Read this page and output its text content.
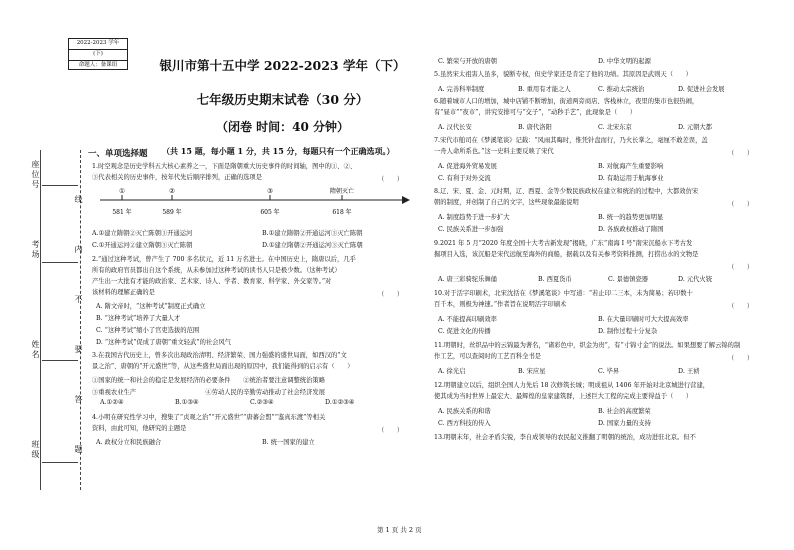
2022-2023 学年
(下)
命题人：备课组	银川市第十五中学 2022-2023 学年（下）
七年级历史期末试卷（30 分）
（闭卷 时间：40 分钟）
一、单项选择题 （共 15 题，每小题 1 分，共 15 分，每题只有一个正确选项。）
座位号
考场
姓名
班级
线
内
不
要
答
题
1.时空观念是历史学科五大核心素养之一，下面是隋朝重大历史事件的时间轴，图中的①、②、
③代表相关的历史事件，按年代先后顺序排列，正确的选项是	（　　）
①	②	③	隋朝灭亡
581 年	589 年	605 年	618 年
A.①建立隋朝②灭亡陈朝③开通运河	B.①建立隋朝②开通运河③灭亡陈朝
C.①开通运河②建立隋朝③灭亡陈朝	D.①建立隋朝②开通运河③灭亡陈朝
2.“通过这种考试，曾产生了 700 多名状元，近 11 万名进士。在中国历史上，隋唐以后，几乎
所有的政府官员都出自这个系统，从未参加过这种考试的读书人只是极少数。（这种考试）
产生出一大批有才能的政治家、艺术家、诗人、学者、教育家、科学家、外交家等。”对
该材料的理解正确的是	（　　）
A. 隋文帝时，“这种考试”制度正式确立
B. “这种考试”培养了大量人才
C. “这种考试”缩小了官吏选拔的范围
D. “这种考试”促成了唐朝“重文轻武”的社会风气
3.在我国古代历史上，曾多次出现政治清明、经济繁荣、国力强盛的盛世局面，如西汉的“文
景之治”、唐朝的“开元盛世”等，从这些盛世局面出现的原因中，我们能得到的启示有（　　）
①国家的统一和社会的稳定是发展经济的必要条件　　②统治者要注意调整统治策略
③重视农业生产　　　　　　　　　　　④劳动人民的辛勤劳动推动了社会经济发展
A.①②④	B.①③④	C.②③④	D.①②③④
4.小明在研究性学习中，搜集了“贞观之治”“开元盛世”“唐蕃会盟”“鉴真东渡”等相关
资料，由此可知，他研究的主题是	（　　）
A. 政权分立和民族融合	B. 统一国家的建立
C. 繁荣与开放的唐朝	D. 中华文明的起源
5.虽然宋太祖害人虽多，貌断专权，但史学家还是肯定了他的功绩。其原因是武则天（　　）
A. 完善科举制度	B. 重用有才能之人	C. 推动太宗统治	D. 促进社会发展
6.随着城市人口的增加，城中店铺不断增加，街道两旁商店、客栈林立，夜里的集市也很热闹，
有“昼市”“夜市”，讲究安排可与“交子”，“动秒手艺”，此现象是（　　）
A. 汉代长安	B. 唐代洛阳	C. 北宋东京	D. 元朝大都
7.宋代市舶司在《梦溪笔谈》记载：“风雨其晦时，惟凭针盘而行，乃火长掌之，毫厘不敢差误，盖
一舟人命所系也。”这一史料主要反映了宋代	（　　）
A. 促进海外贸易发展	B. 对航海产生重要影响
C. 有利于对外交流	D. 有助运用于航海事业
8.辽、宋、夏、金、元时期，辽、西夏、金等少数民族政权在建立和统治的过程中，大都效仿宋
朝的制度，并创制了自己的文字，这些现象最能说明	（　　）
A. 制度趋势于进一步扩大	B. 统一的趋势更加明显
C. 民族关系进一步加强	D. 各族政权推动了隋国
9.2021 年 5 月“2020 年度全国十大考古新发现”揭晓，广东“南海 I 号”南宋沉船水下考古发
掘项目入选，该沉船是宋代远航至海外的商船，据载以及有关参考资料推测，打捞出水的文物是
（　　）
A. 唐三彩骑驼乐舞俑	B. 西夏货币	C. 景德镇瓷器	D. 元代火铳
10.对于活字印刷术，北宋沈括在《梦溪笔谈》中写道：“若止印二三本，未为简易；若印数十
百千本，则极为神速。”作者旨在说明活字印刷术	（　　）
A. 不能提高印刷效率	B. 在大量印刷时可大大提高效率
C. 促进文化的传播	D. 制作过程十分复杂
11.明朝时，丝织品中的云锦最为著名，“诸彩色中，织金为贵”，有“寸锦寸金”的说法。如果想要了解云锦的制
作工艺，可以查阅时的工艺百科全书是	（　　）
A. 徐光启	B. 宋应星	C. 毕昇	D. 王祯
12.明朝建立以后，组织全国人力先后 18 次修筑长城；明成祖从 1406 年开始对北京城进行营建，
使其成为当时世界上最宏大、最辉煌的皇家建筑群，上述巨大工程的完成主要得益于（　　）
A. 民族关系的和谐	B. 社会的高度繁荣
C. 西方科技的传入	D. 国家力量的支持
13.明朝末年，社会矛盾尖锐，李自成领导的农民起义推翻了明朝的统治，成功进驻北京。但不
第 1 页 共 2 页
